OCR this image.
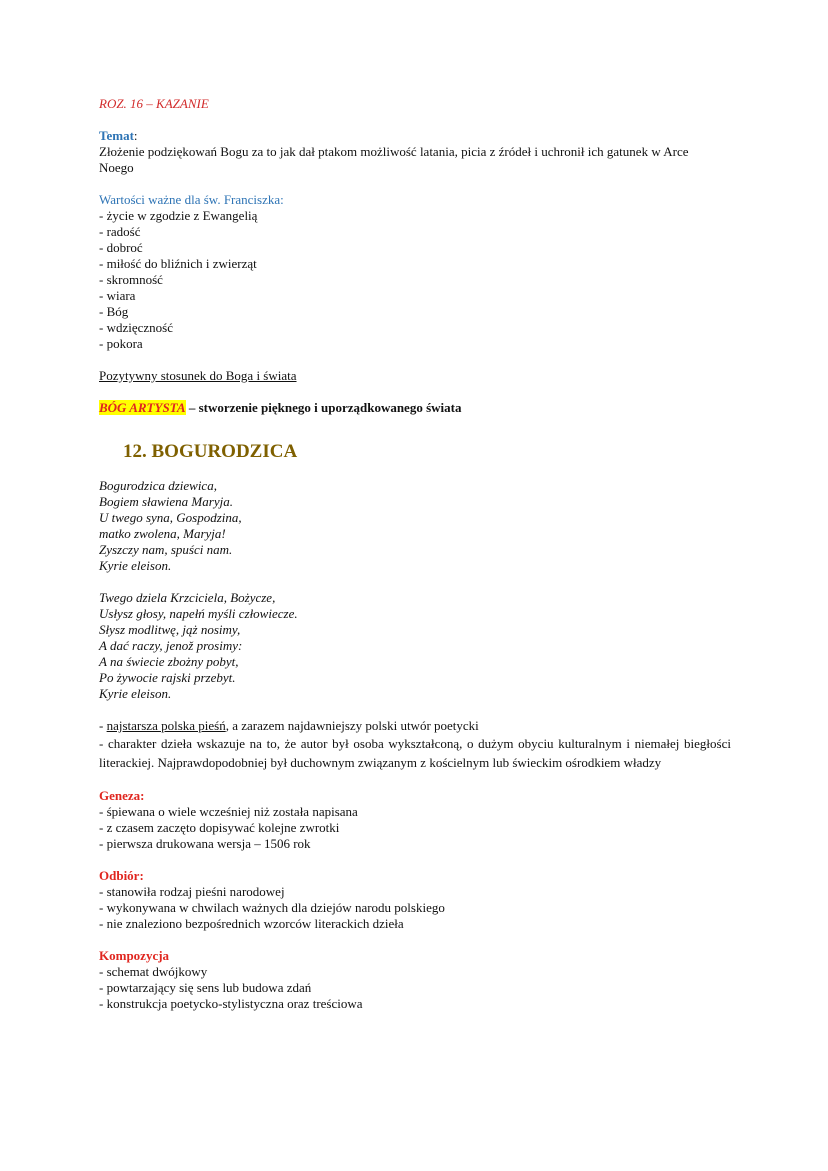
ROZ. 16 – KAZANIE
Temat:
Złożenie podziękowań Bogu za to jak dał ptakom możliwość latania, picia z źródeł i uchronił ich gatunek w Arce
Noego
Wartości ważne dla św. Franciszka:
- życie w zgodzie z Ewangelią
- radość
- dobroć
- miłość do bliźnich i zwierząt
- skromność
- wiara
- Bóg
- wdzięczność
- pokora
Pozytywny stosunek do Boga i świata
BÓG ARTYSTA – stworzenie pięknego i uporządkowanego świata
12. BOGURODZICA
Bogurodzica dziewica,
Bogiem sławiena Maryja.
U twego syna, Gospodzina,
matko zwolena, Maryja!
Zyszczy nam, spuści nam.
Kyrie eleison.
Twego dziela Krzciciela, Bożycze,
Usłysz głosy, napełń myśli człowiecze.
Słysz modlitwę, jąż nosimy,
A dać raczy, jenož prosimy:
A na świecie zbożny pobyt,
Po żywocie rajski przebyt.
Kyrie eleison.
- najstarsza polska pieśń, a zarazem najdawniejszy polski utwór poetycki
- charakter dzieła wskazuje na to, że autor był osoba wykształconą, o dużym obyciu kulturalnym i niemałej biegłości literackiej. Najprawdopodobniej był duchownym związanym z kościelnym lub świeckim ośrodkiem władzy
Geneza:
- śpiewana o wiele wcześniej niż została napisana
- z czasem zaczęto dopisywać kolejne zwrotki
- pierwsza drukowana wersja – 1506 rok
Odbiór:
- stanowiła rodzaj pieśni narodowej
- wykonywana w chwilach ważnych dla dziejów narodu polskiego
- nie znaleziono bezpośrednich wzorców literackich dzieła
Kompozycja
- schemat dwójkowy
- powtarzający się sens lub budowa zdań
- konstrukcja poetycko-stylistyczna oraz treściowa
